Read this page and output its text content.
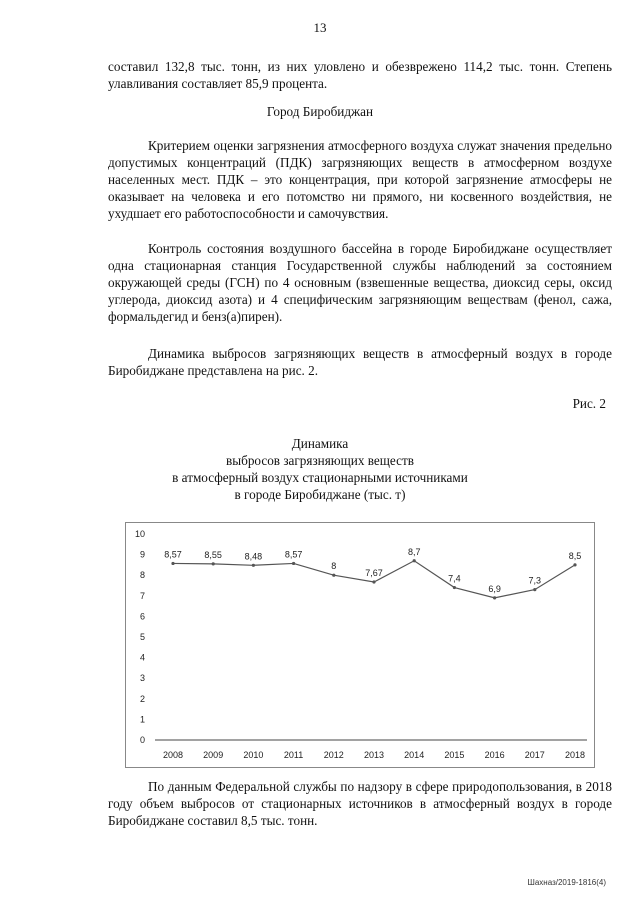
13

составил 132,8 тыс. тонн, из них уловлено и обезврежено 114,2 тыс. тонн. Степень улавливания составляет 85,9 процента.

Город Биробиджан

Критерием оценки загрязнения атмосферного воздуха служат значения предельно допустимых концентраций (ПДК) загрязняющих веществ в атмосферном воздухе населенных мест. ПДК – это концентрация, при которой загрязнение атмосферы не оказывает на человека и его потомство ни прямого, ни косвенного воздействия, не ухудшает его работоспособности и самочувствия.

Контроль состояния воздушного бассейна в городе Биробиджане осуществляет одна стационарная станция Государственной службы наблюдений за состоянием окружающей среды (ГСН) по 4 основным (взвешенные вещества, диоксид серы, оксид углерода, диоксид азота) и 4 специфическим загрязняющим веществам (фенол, сажа, формальдегид и бенз(а)пирен).

Динамика выбросов загрязняющих веществ в атмосферный воздух в городе Биробиджане представлена на рис. 2.

Рис. 2
Динамика
выбросов загрязняющих веществ
в атмосферный воздух стационарными источниками
в городе Биробиджане (тыс. т)
0
1
2
3
4
5
6
7
8
9
10
2008 2009 2010 2011 2012 2013 2014 2015 2016 2017 2018
8,57	8,55	8,48	8,57
8
7,67
8,7
7,4
6,9
7,3
8,5

По данным Федеральной службы по надзору в сфере природопользования, в 2018 году объем выбросов от стационарных источников в атмосферный воздух в городе Биробиджане составил 8,5 тыс. тонн.

Шахназ/2019-1816(4)
